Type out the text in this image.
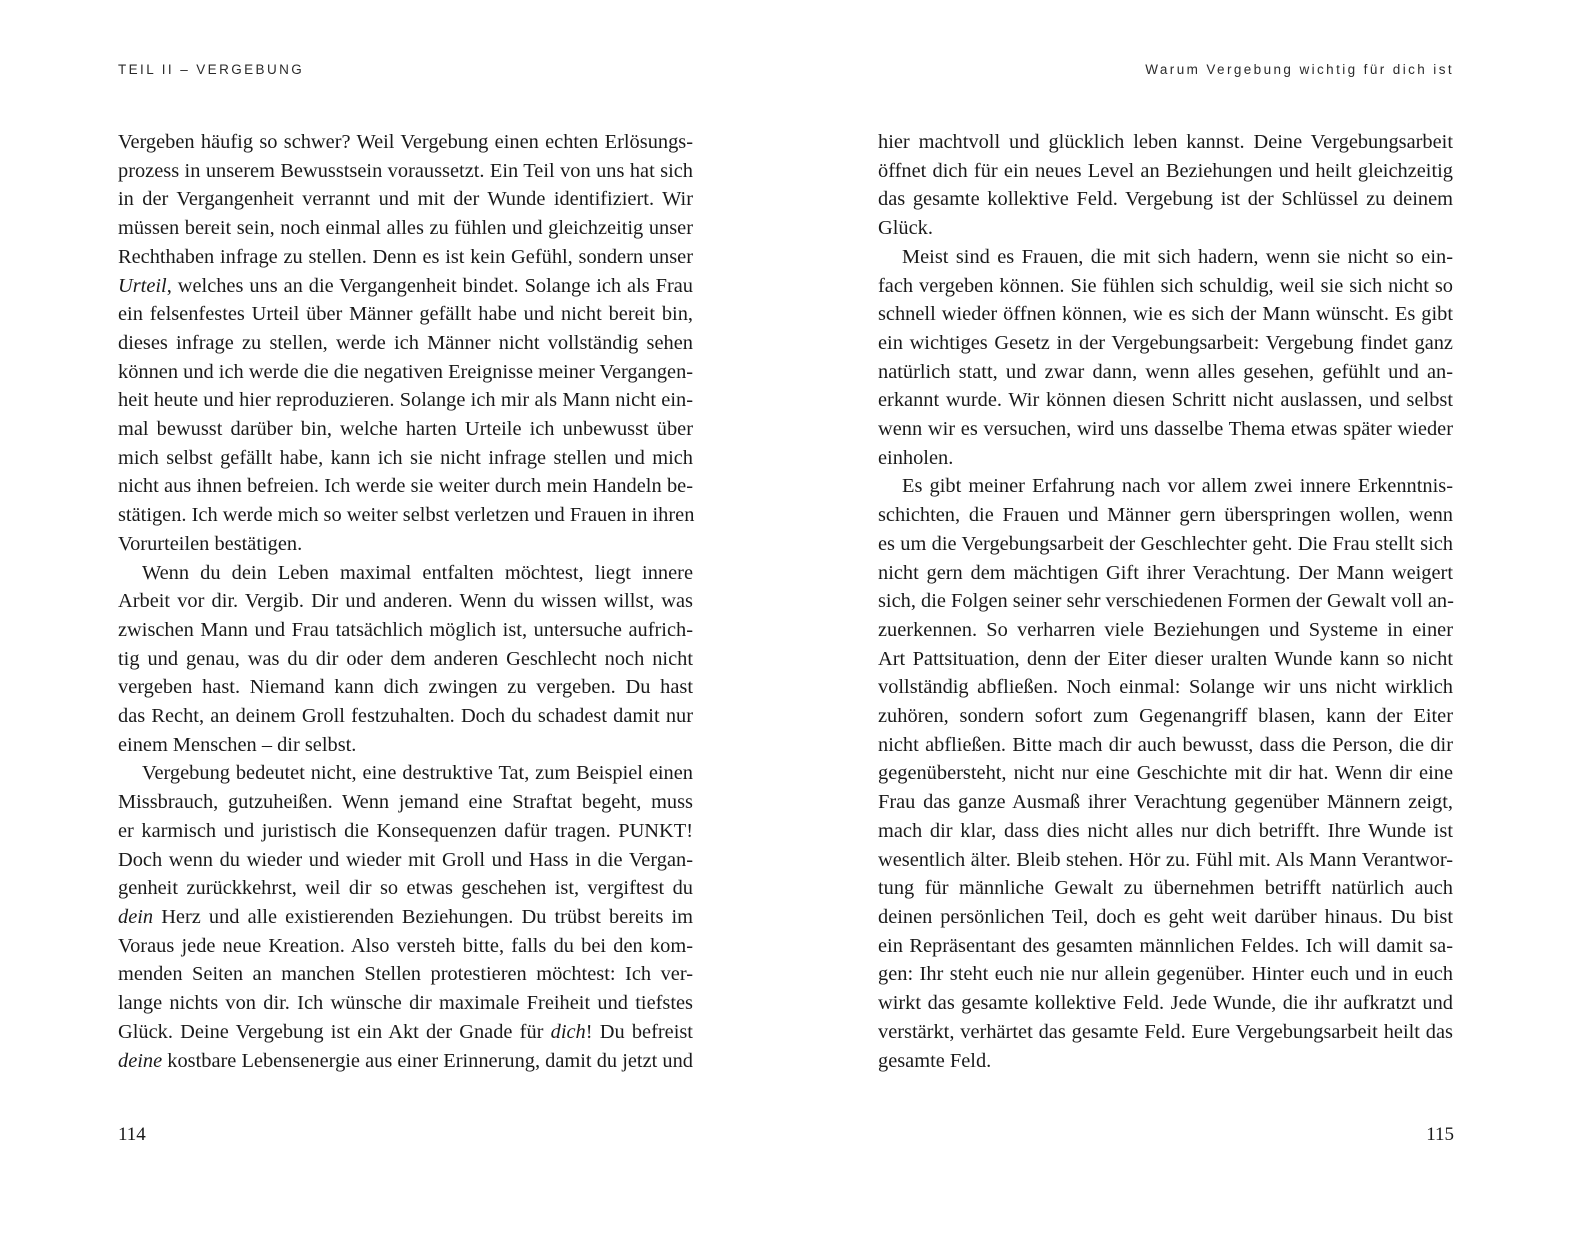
TEIL II – VERGEBUNG

Vergeben häufig so schwer? Weil Vergebung einen echten Erlösungs-
prozess in unserem Bewusstsein voraussetzt. Ein Teil von uns hat sich
in der Vergangenheit verrannt und mit der Wunde identifiziert. Wir
müssen bereit sein, noch einmal alles zu fühlen und gleichzeitig unser
Rechthaben infrage zu stellen. Denn es ist kein Gefühl, sondern unser
Urteil, welches uns an die Vergangenheit bindet. Solange ich als Frau
ein felsenfestes Urteil über Männer gefällt habe und nicht bereit bin,
dieses infrage zu stellen, werde ich Männer nicht vollständig sehen
können und ich werde die die negativen Ereignisse meiner Vergangen-
heit heute und hier reproduzieren. Solange ich mir als Mann nicht ein-
mal bewusst darüber bin, welche harten Urteile ich unbewusst über
mich selbst gefällt habe, kann ich sie nicht infrage stellen und mich
nicht aus ihnen befreien. Ich werde sie weiter durch mein Handeln be-
stätigen. Ich werde mich so weiter selbst verletzen und Frauen in ihren
Vorurteilen bestätigen.

Wenn du dein Leben maximal entfalten möchtest, liegt innere
Arbeit vor dir. Vergib. Dir und anderen. Wenn du wissen willst, was
zwischen Mann und Frau tatsächlich möglich ist, untersuche aufrich-
tig und genau, was du dir oder dem anderen Geschlecht noch nicht
vergeben hast. Niemand kann dich zwingen zu vergeben. Du hast
das Recht, an deinem Groll festzuhalten. Doch du schadest damit nur
einem Menschen – dir selbst.

Vergebung bedeutet nicht, eine destruktive Tat, zum Beispiel einen
Missbrauch, gutzuheißen. Wenn jemand eine Straftat begeht, muss
er karmisch und juristisch die Konsequenzen dafür tragen. PUNKT!
Doch wenn du wieder und wieder mit Groll und Hass in die Vergan-
genheit zurückkehrst, weil dir so etwas geschehen ist, vergiftest du
dein Herz und alle existierenden Beziehungen. Du trübst bereits im
Voraus jede neue Kreation. Also versteh bitte, falls du bei den kom-
menden Seiten an manchen Stellen protestieren möchtest: Ich ver-
lange nichts von dir. Ich wünsche dir maximale Freiheit und tiefstes
Glück. Deine Vergebung ist ein Akt der Gnade für dich! Du befreist
deine kostbare Lebensenergie aus einer Erinnerung, damit du jetzt und

114
Warum Vergebung wichtig für dich ist

hier machtvoll und glücklich leben kannst. Deine Vergebungsarbeit
öffnet dich für ein neues Level an Beziehungen und heilt gleichzeitig
das gesamte kollektive Feld. Vergebung ist der Schlüssel zu deinem
Glück.

Meist sind es Frauen, die mit sich hadern, wenn sie nicht so ein-
fach vergeben können. Sie fühlen sich schuldig, weil sie sich nicht so
schnell wieder öffnen können, wie es sich der Mann wünscht. Es gibt
ein wichtiges Gesetz in der Vergebungsarbeit: Vergebung findet ganz
natürlich statt, und zwar dann, wenn alles gesehen, gefühlt und an-
erkannt wurde. Wir können diesen Schritt nicht auslassen, und selbst
wenn wir es versuchen, wird uns dasselbe Thema etwas später wieder
einholen.

Es gibt meiner Erfahrung nach vor allem zwei innere Erkenntnis-
schichten, die Frauen und Männer gern überspringen wollen, wenn
es um die Vergebungsarbeit der Geschlechter geht. Die Frau stellt sich
nicht gern dem mächtigen Gift ihrer Verachtung. Der Mann weigert
sich, die Folgen seiner sehr verschiedenen Formen der Gewalt voll an-
zuerkennen. So verharren viele Beziehungen und Systeme in einer
Art Pattsituation, denn der Eiter dieser uralten Wunde kann so nicht
vollständig abfließen. Noch einmal: Solange wir uns nicht wirklich
zuhören, sondern sofort zum Gegenangriff blasen, kann der Eiter
nicht abfließen. Bitte mach dir auch bewusst, dass die Person, die dir
gegenübersteht, nicht nur eine Geschichte mit dir hat. Wenn dir eine
Frau das ganze Ausmaß ihrer Verachtung gegenüber Männern zeigt,
mach dir klar, dass dies nicht alles nur dich betrifft. Ihre Wunde ist
wesentlich älter. Bleib stehen. Hör zu. Fühl mit. Als Mann Verantwor-
tung für männliche Gewalt zu übernehmen betrifft natürlich auch
deinen persönlichen Teil, doch es geht weit darüber hinaus. Du bist
ein Repräsentant des gesamten männlichen Feldes. Ich will damit sa-
gen: Ihr steht euch nie nur allein gegenüber. Hinter euch und in euch
wirkt das gesamte kollektive Feld. Jede Wunde, die ihr aufkratzt und
verstärkt, verhärtet das gesamte Feld. Eure Vergebungsarbeit heilt das
gesamte Feld.

115
